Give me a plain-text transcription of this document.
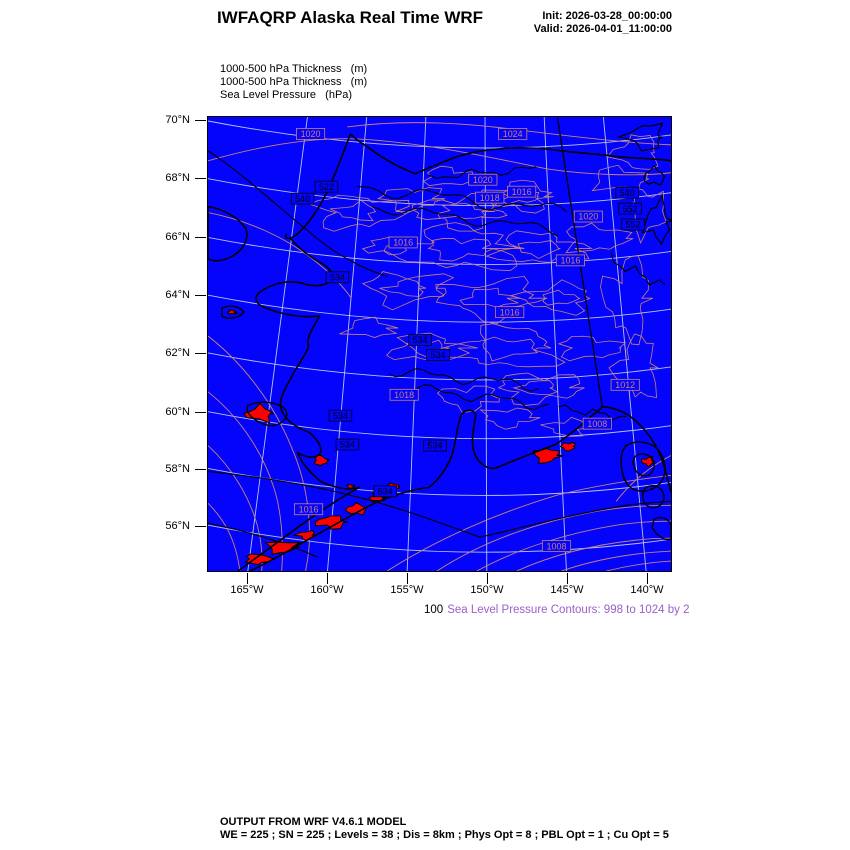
IWFAQRP Alaska Real Time WRF	Init: 2026-03-28_00:00:00
Valid: 2026-04-01_11:00:00
1000-500 hPa Thickness   (m)
1000-500 hPa Thickness   (m)
Sea Level Pressure   (hPa)
1020	1024
1020
1016
1018
1020
1016
1016
1018
1016
1012
1008
1008
1016
522
540
534
534
534
534
534
534
534
540
552
552
70°N
68°N
66°N
64°N
62°N
60°N
58°N
56°N
165°W	160°W	155°W	150°W	145°W	140°W
100 Sea Level Pressure Contours: 998 to 1024 by 2
OUTPUT FROM WRF V4.6.1 MODEL
WE = 225 ; SN = 225 ; Levels = 38 ; Dis = 8km ; Phys Opt = 8 ; PBL Opt = 1 ; Cu Opt = 5
